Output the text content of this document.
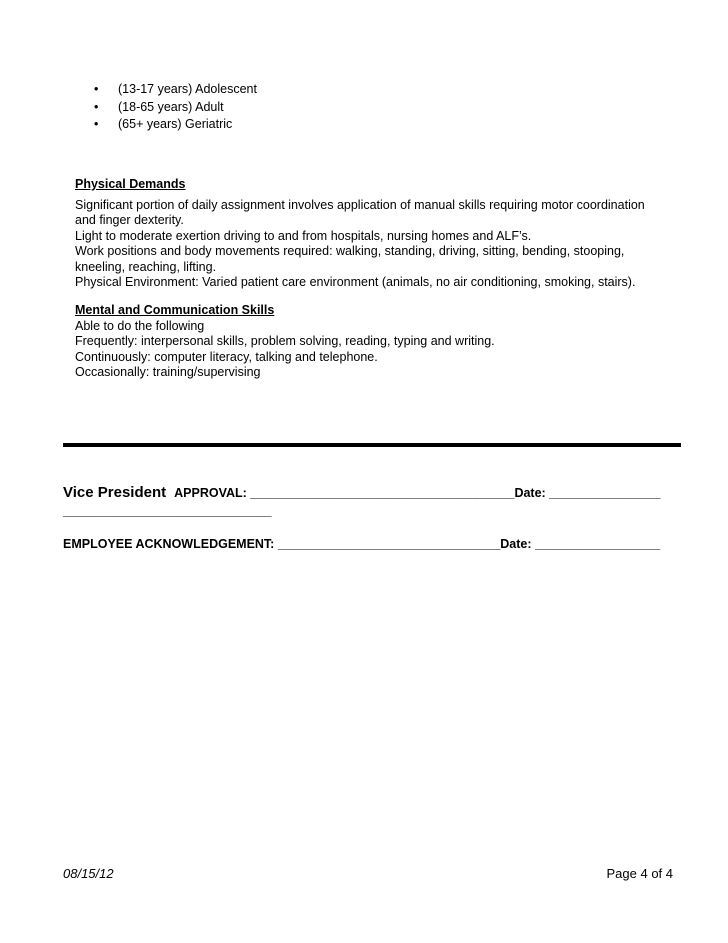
• (13-17 years) Adolescent
• (18-65 years) Adult
• (65+ years) Geriatric
Physical Demands
Significant portion of daily assignment involves application of manual skills requiring motor coordination
and finger dexterity.
Light to moderate exertion driving to and from hospitals, nursing homes and ALF’s.
Work positions and body movements required: walking, standing, driving, sitting, bending, stooping,
kneeling, reaching, lifting.
Physical Environment: Varied patient care environment (animals, no air conditioning, smoking, stairs).
Mental and Communication Skills
Able to do the following
Frequently: interpersonal skills, problem solving, reading, typing and writing.
Continuously: computer literacy, talking and telephone.
Occasionally: training/supervising
Vice President APPROVAL: ______________________________________Date: ________________
______________________________
EMPLOYEE ACKNOWLEDGEMENT: ________________________________Date: __________________
08/15/12	Page 4 of 4
